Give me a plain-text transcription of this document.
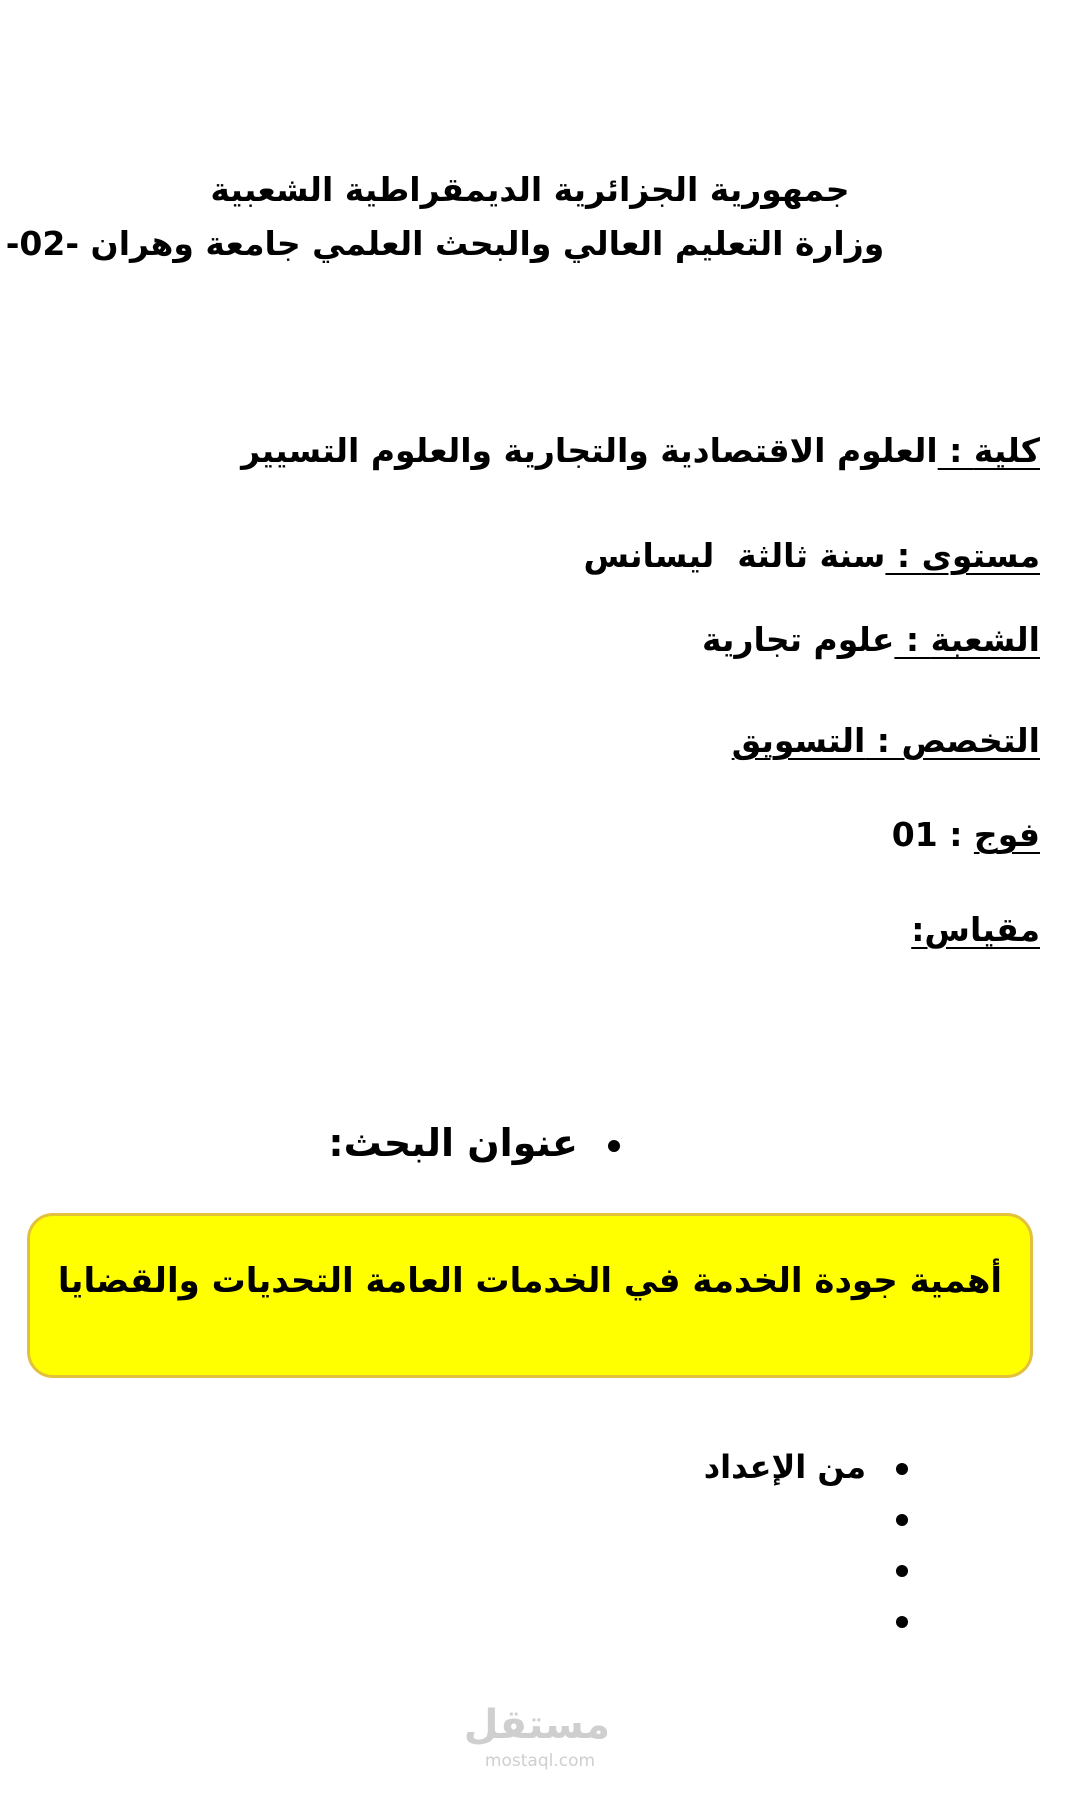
جمهورية الجزائرية الديمقراطية الشعبية
وزارة التعليم العالي والبحث العلمي جامعة وهران -02-
كلية : العلوم الاقتصادية والتجارية والعلوم التسيير
مستوى : سنة ثالثة  ليسانس
الشعبة : علوم تجارية
التخصص : التسويق
فوج : 01
مقياس:
عنوان البحث:
أهمية جودة الخدمة في الخدمات العامة التحديات والقضايا
من الإعداد
مستقل
mostaql.com
